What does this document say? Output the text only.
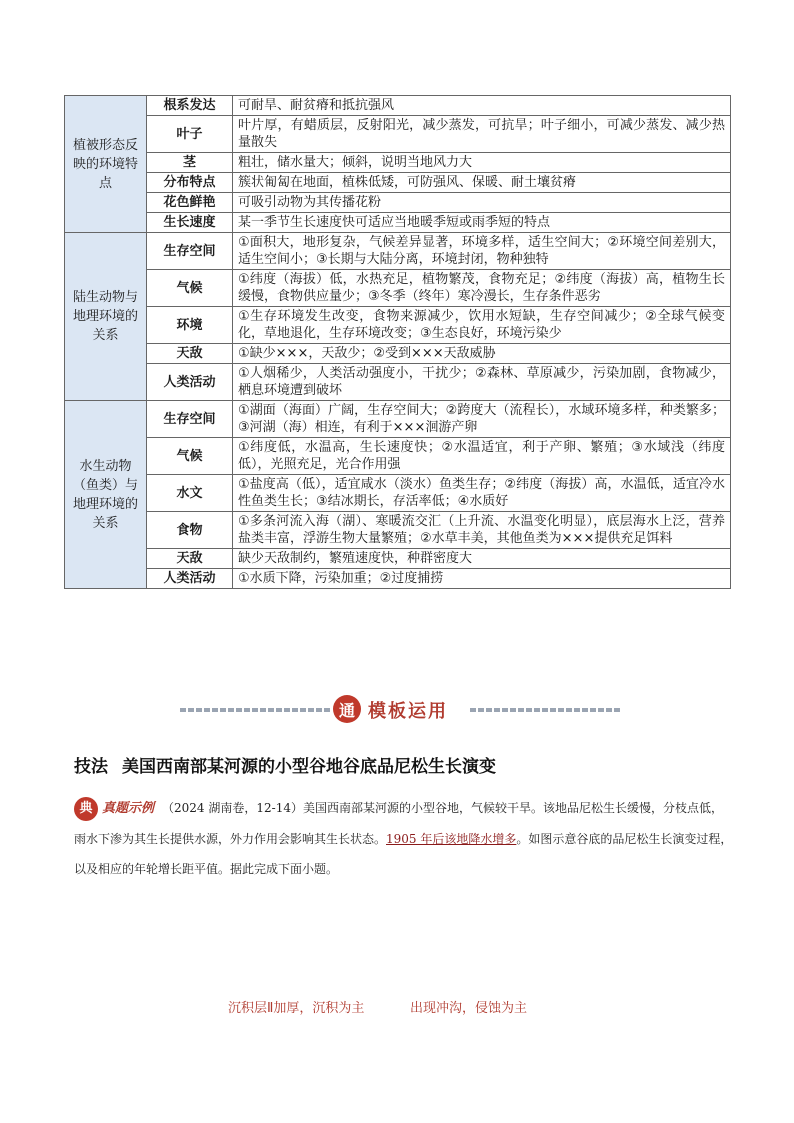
植被形态反映的环境特点	根系发达	可耐旱、耐贫瘠和抵抗强风
	叶子	叶片厚，有蜡质层，反射阳光，减少蒸发，可抗旱；叶子细小，可减少蒸发、减少热量散失
	茎	粗壮，储水量大；倾斜，说明当地风力大
	分布特点	簇状匍匐在地面，植株低矮，可防强风、保暖、耐土壤贫瘠
	花色鲜艳	可吸引动物为其传播花粉
	生长速度	某一季节生长速度快可适应当地暖季短或雨季短的特点
陆生动物与地理环境的关系	生存空间	①面积大，地形复杂，气候差异显著，环境多样，适生空间大；②环境空间差别大，适生空间小；③长期与大陆分离，环境封闭，物种独特
	气候	①纬度（海拔）低，水热充足，植物繁茂，食物充足；②纬度（海拔）高，植物生长缓慢，食物供应量少；③冬季（终年）寒冷漫长，生存条件恶劣
	环境	①生存环境发生改变，食物来源减少，饮用水短缺，生存空间减少；②全球气候变化，草地退化，生存环境改变；③生态良好，环境污染少
	天敌	①缺少×××，天敌少；②受到×××天敌威胁
	人类活动	①人烟稀少，人类活动强度小，干扰少；②森林、草原减少，污染加剧，食物减少，栖息环境遭到破坏
水生动物（鱼类）与地理环境的关系	生存空间	①湖面（海面）广阔，生存空间大；②跨度大（流程长），水域环境多样，种类繁多；③河湖（海）相连，有利于×××洄游产卵
	气候	①纬度低，水温高，生长速度快；②水温适宜，利于产卵、繁殖；③水域浅（纬度低），光照充足，光合作用强
	水文	①盐度高（低），适宜咸水（淡水）鱼类生存；②纬度（海拔）高，水温低，适宜冷水性鱼类生长；③结冰期长，存活率低；④水质好
	食物	①多条河流入海（湖）、寒暖流交汇（上升流、水温变化明显），底层海水上泛，营养盐类丰富，浮游生物大量繁殖；②水草丰美，其他鱼类为×××提供充足饵料
	天敌	缺少天敌制约，繁殖速度快，种群密度大
	人类活动	①水质下降，污染加重；②过度捕捞
通 模板运用
技法 美国西南部某河源的小型谷地谷底品尼松生长演变
典 真题示例 （2024 湖南卷，12-14）美国西南部某河源的小型谷地，气候较干旱。该地品尼松生长缓慢，分枝点低，雨水下渗为其生长提供水源，外力作用会影响其生长状态。1905 年后该地降水增多。如图示意谷底的品尼松生长演变过程，以及相应的年轮增长距平值。据此完成下面小题。
沉积层Ⅱ加厚，沉积为主	出现冲沟，侵蚀为主
